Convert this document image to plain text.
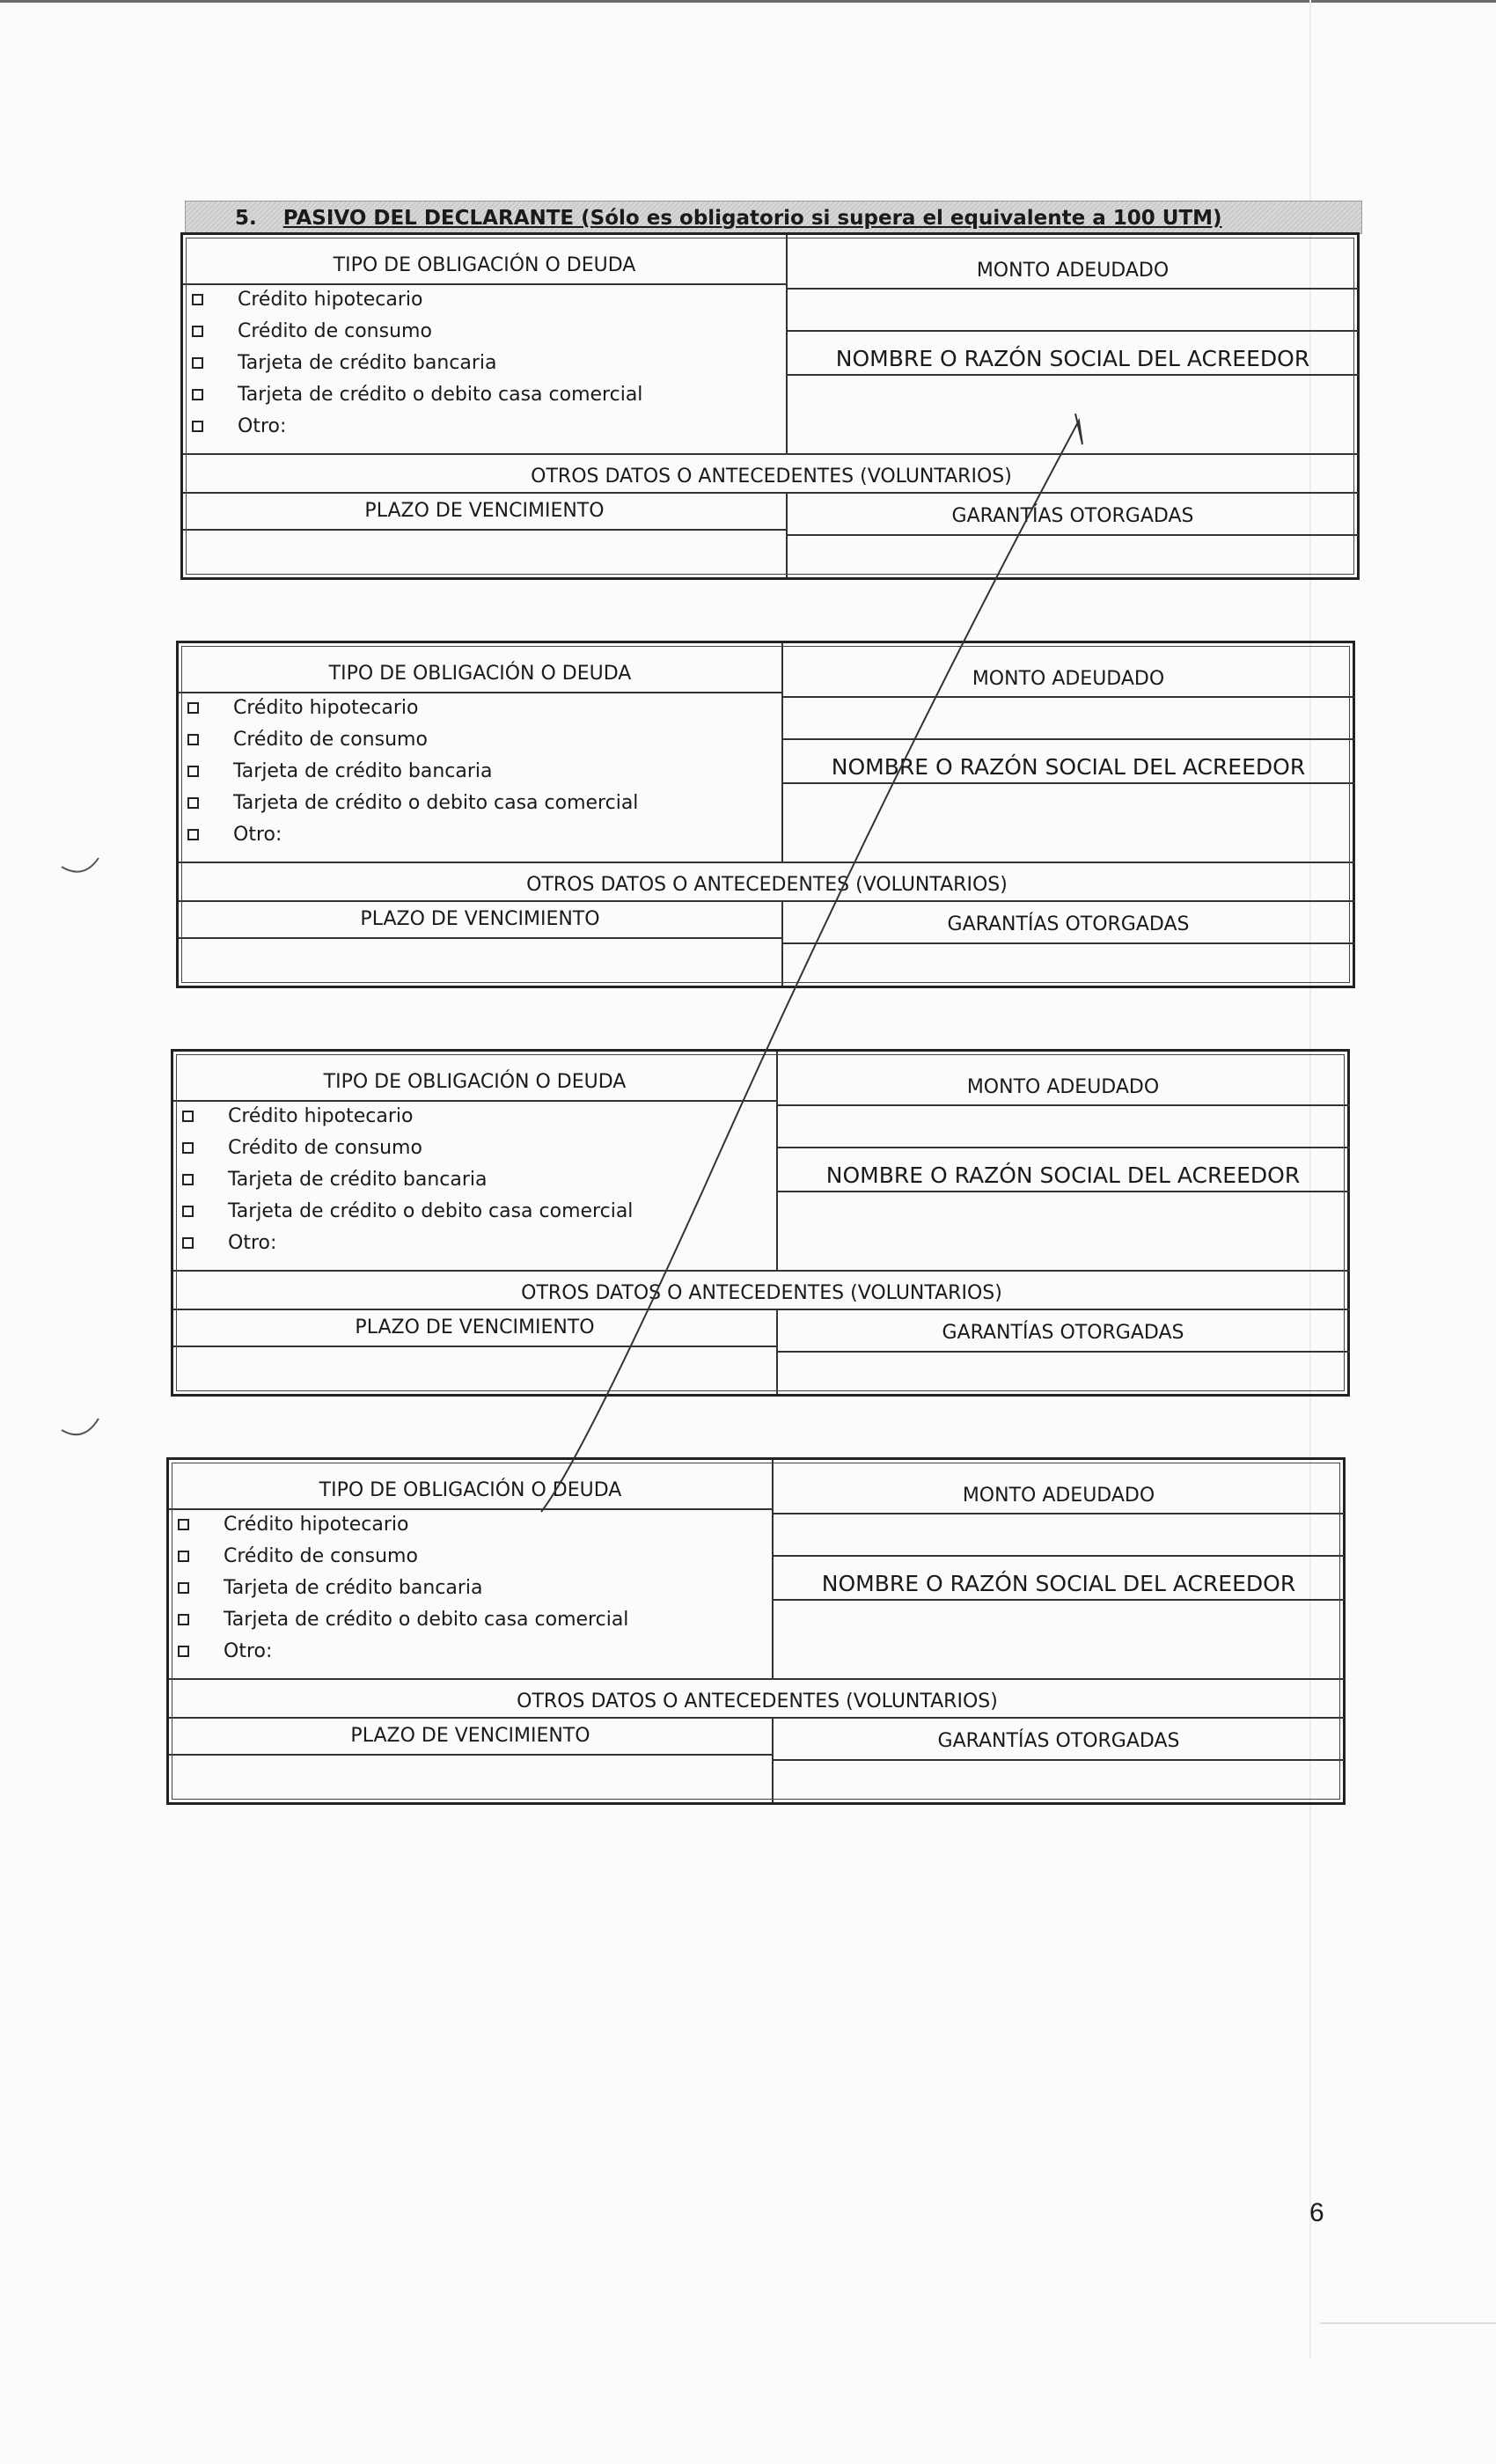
5. PASIVO DEL DECLARANTE (Sólo es obligatorio si supera el equivalente a 100 UTM)
TIPO DE OBLIGACIÓN O DEUDA	MONTO ADEUDADO
NOMBRE O RAZÓN SOCIAL DEL ACREEDOR
Crédito hipotecario
Crédito de consumo
Tarjeta de crédito bancaria
Tarjeta de crédito o debito casa comercial
Otro:
OTROS DATOS O ANTECEDENTES (VOLUNTARIOS)
PLAZO DE VENCIMIENTO	GARANTÍAS OTORGADAS
TIPO DE OBLIGACIÓN O DEUDA	MONTO ADEUDADO
NOMBRE O RAZÓN SOCIAL DEL ACREEDOR
Crédito hipotecario
Crédito de consumo
Tarjeta de crédito bancaria
Tarjeta de crédito o debito casa comercial
Otro:
OTROS DATOS O ANTECEDENTES (VOLUNTARIOS)
PLAZO DE VENCIMIENTO	GARANTÍAS OTORGADAS
TIPO DE OBLIGACIÓN O DEUDA	MONTO ADEUDADO
NOMBRE O RAZÓN SOCIAL DEL ACREEDOR
Crédito hipotecario
Crédito de consumo
Tarjeta de crédito bancaria
Tarjeta de crédito o debito casa comercial
Otro:
OTROS DATOS O ANTECEDENTES (VOLUNTARIOS)
PLAZO DE VENCIMIENTO	GARANTÍAS OTORGADAS
TIPO DE OBLIGACIÓN O DEUDA	MONTO ADEUDADO
NOMBRE O RAZÓN SOCIAL DEL ACREEDOR
Crédito hipotecario
Crédito de consumo
Tarjeta de crédito bancaria
Tarjeta de crédito o debito casa comercial
Otro:
OTROS DATOS O ANTECEDENTES (VOLUNTARIOS)
PLAZO DE VENCIMIENTO	GARANTÍAS OTORGADAS
6
